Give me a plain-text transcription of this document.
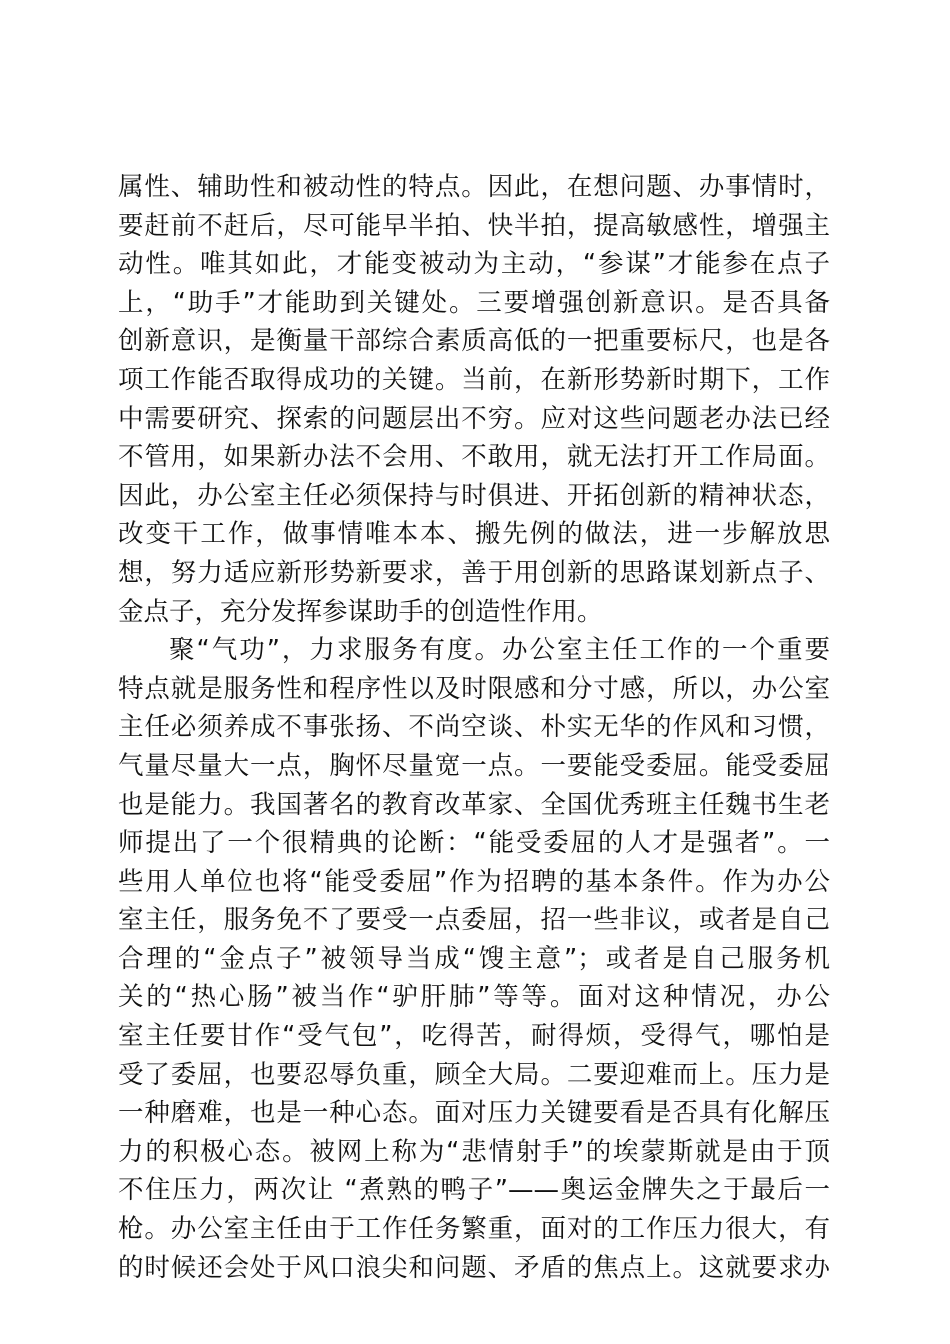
属性、辅助性和被动性的特点。因此，在想问题、办事情时，
要赶前不赶后，尽可能早半拍、快半拍，提高敏感性，增强主
动性。唯其如此，才能变被动为主动，“参谋”才能参在点子
上，“助手”才能助到关键处。三要增强创新意识。是否具备
创新意识，是衡量干部综合素质高低的一把重要标尺，也是各
项工作能否取得成功的关键。当前，在新形势新时期下，工作
中需要研究、探索的问题层出不穷。应对这些问题老办法已经
不管用，如果新办法不会用、不敢用，就无法打开工作局面。
因此，办公室主任必须保持与时俱进、开拓创新的精神状态，
改变干工作，做事情唯本本、搬先例的做法，进一步解放思
想，努力适应新形势新要求，善于用创新的思路谋划新点子、
金点子，充分发挥参谋助手的创造性作用。
聚“气功”，力求服务有度。办公室主任工作的一个重要
特点就是服务性和程序性以及时限感和分寸感，所以，办公室
主任必须养成不事张扬、不尚空谈、朴实无华的作风和习惯，
气量尽量大一点，胸怀尽量宽一点。一要能受委屈。能受委屈
也是能力。我国著名的教育改革家、全国优秀班主任魏书生老
师提出了一个很精典的论断：“能受委屈的人才是强者”。一
些用人单位也将“能受委屈”作为招聘的基本条件。作为办公
室主任，服务免不了要受一点委屈，招一些非议，或者是自己
合理的“金点子”被领导当成“馊主意”；或者是自己服务机
关的“热心肠”被当作“驴肝肺”等等。面对这种情况，办公
室主任要甘作“受气包”，吃得苦，耐得烦，受得气，哪怕是
受了委屈，也要忍辱负重，顾全大局。二要迎难而上。压力是
一种磨难，也是一种心态。面对压力关键要看是否具有化解压
力的积极心态。被网上称为“悲情射手”的埃蒙斯就是由于顶
不住压力，两次让 “煮熟的鸭子”——奥运金牌失之于最后一
枪。办公室主任由于工作任务繁重，面对的工作压力很大，有
的时候还会处于风口浪尖和问题、矛盾的焦点上。这就要求办
